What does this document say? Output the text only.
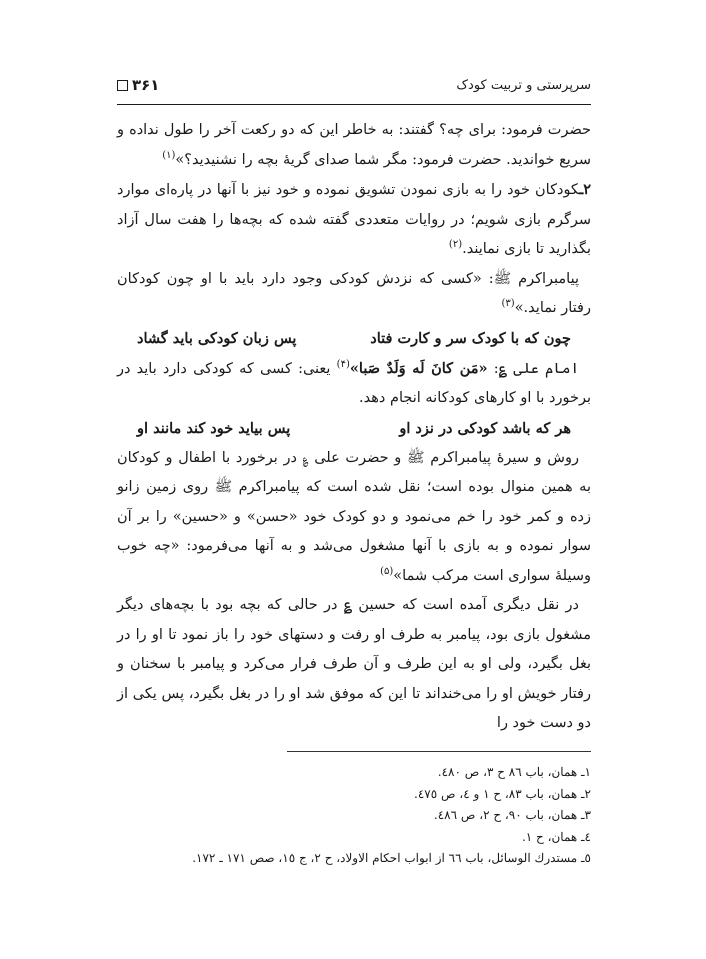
سرپرستی و تربیت کودک
۳۶۱

حضرت فرمود: برای چه؟ گفتند: به خاطر این که دو رکعت آخر را طول نداده و سریع خواندید. حضرت فرمود: مگر شما صدای گریهٔ بچه را نشنیدید؟»$^{(۱)}$

۲ـکودکان خود را به بازی نمودن تشویق نموده و خود نیز با آنها در پاره‌ای موارد سرگرم بازی شویم؛ در روایات متعددی گفته شده که بچه‌ها را هفت سال آزاد بگذارید تا بازی نمایند.$^{(۲)}$

پیامبراکرم ﷺ: «کسی که نزدش کودکی وجود دارد باید با او چون کودکان رفتار نماید.»$^{(۳)}$

چون که با کودک سر و کارت فتاد
پس زبان کودکی باید گشاد

امام علی ؏: «مَن کانَ لَه وَلَدٌ صَبا»$^{(۴)}$ یعنی: کسی که کودکی دارد باید در برخورد با او کارهای کودکانه انجام دهد.

هر که باشد کودکی در نزد او
پس بیاید خود کند مانند او

روش و سیرهٔ پیامبراکرم ﷺ و حضرت علی ؏ در برخورد با اطفال و کودکان به همین منوال بوده است؛ نقل شده است که پیامبراکرم ﷺ روی زمین زانو زده و کمر خود را خم می‌نمود و دو کودک خود «حسن» و «حسین» را بر آن سوار نموده و به بازی با آنها مشغول می‌شد و به آنها می‌فرمود: «چه خوب وسیلهٔ سواری است مرکب شما»$^{(۵)}$

در نقل دیگری آمده است که حسین ؏ در حالی که بچه بود با بچه‌های دیگر مشغول بازی بود، پیامبر به طرف او رفت و دستهای خود را باز نمود تا او را در بغل بگیرد، ولی او به این طرف و آن طرف فرار می‌کرد و پیامبر با سخنان و رفتار خویش او را می‌خنداند تا این که موفق شد او را در بغل بگیرد، پس یکی از دو دست خود را

۱ـ همان، باب ۸٦ ح ۳، ص ٤۸۰.

۲ـ همان، باب ۸۳، ح ۱ و ٤، ص ٤٧٥.

۳ـ همان، باب ۹۰، ح ۲، ص ٤۸٦.

٤ـ همان، ح ۱.

٥ـ مستدرك الوسائل، باب ٦٦ از ابواب احكام الاولاد، ح ۲، ج ۱٥، صص ۱٧۱ ـ ۱٧۲.
